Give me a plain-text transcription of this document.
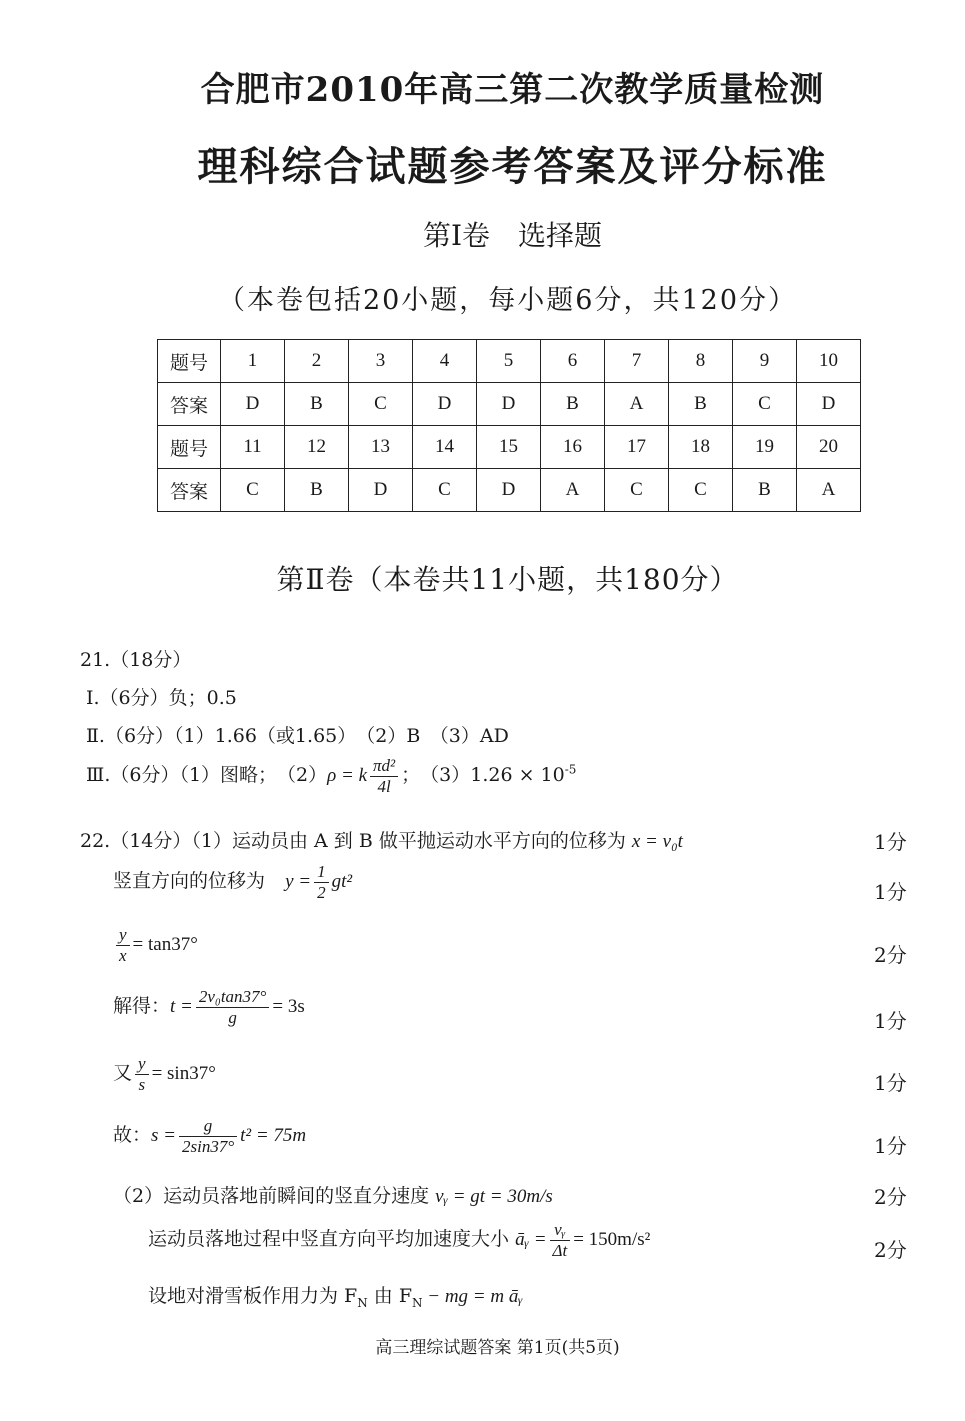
合肥市2010年高三第二次教学质量检测
理科综合试题参考答案及评分标准
第Ⅰ卷 选择题
（本卷包括20小题，每小题6分，共120分）
题号	1	2	3	4	5	6	7	8	9	10
答案	D	B	C	D	D	B	A	B	C	D
题号	11	12	13	14	15	16	17	18	19	20
答案	C	B	D	C	D	A	C	C	B	A
第Ⅱ卷（本卷共11小题，共180分）
21.（18分）
Ⅰ.（6分）负；0.5
Ⅱ.（6分）（1）1.66（或1.65）　（2）B　（3）AD
Ⅲ.（6分）（1）图略；　（2）ρ = k $\frac{\text{πd²}}{4l}$ ；　$(3)1.26 \times 10^{-5}$
22.（14分）（1）运动员由 A 到 B 做平抛运动水平方向的位移为 x = v₀t	1分
竖直方向的位移为 $y = \frac{1}{2} gt^2$	1分
$\frac{y}{x} = \tan 37^\circ$	2分
解得：$t = \frac{\text{2v₀tan37°}}{g} = 3s$
1分
又 $\frac{y}{s} = \sin 37^\circ$	1分
故：$s = \frac{g}{2\sin 37^\circ} t^2 = 75m$	1分
（2）运动员落地前瞬间的竖直分速度 vᵧ = gt = 30m/s	2分
运动员落地过程中竖直方向平均加速度大小 āᵧ = $\frac{\text{vᵧ}}{\Delta t} = 150m/s^2$	2分
设地对滑雪板作用力为 $F_N$ 由 $F_N$ − mg = m āᵧ
高三理综试题答案 第1页(共5页)
